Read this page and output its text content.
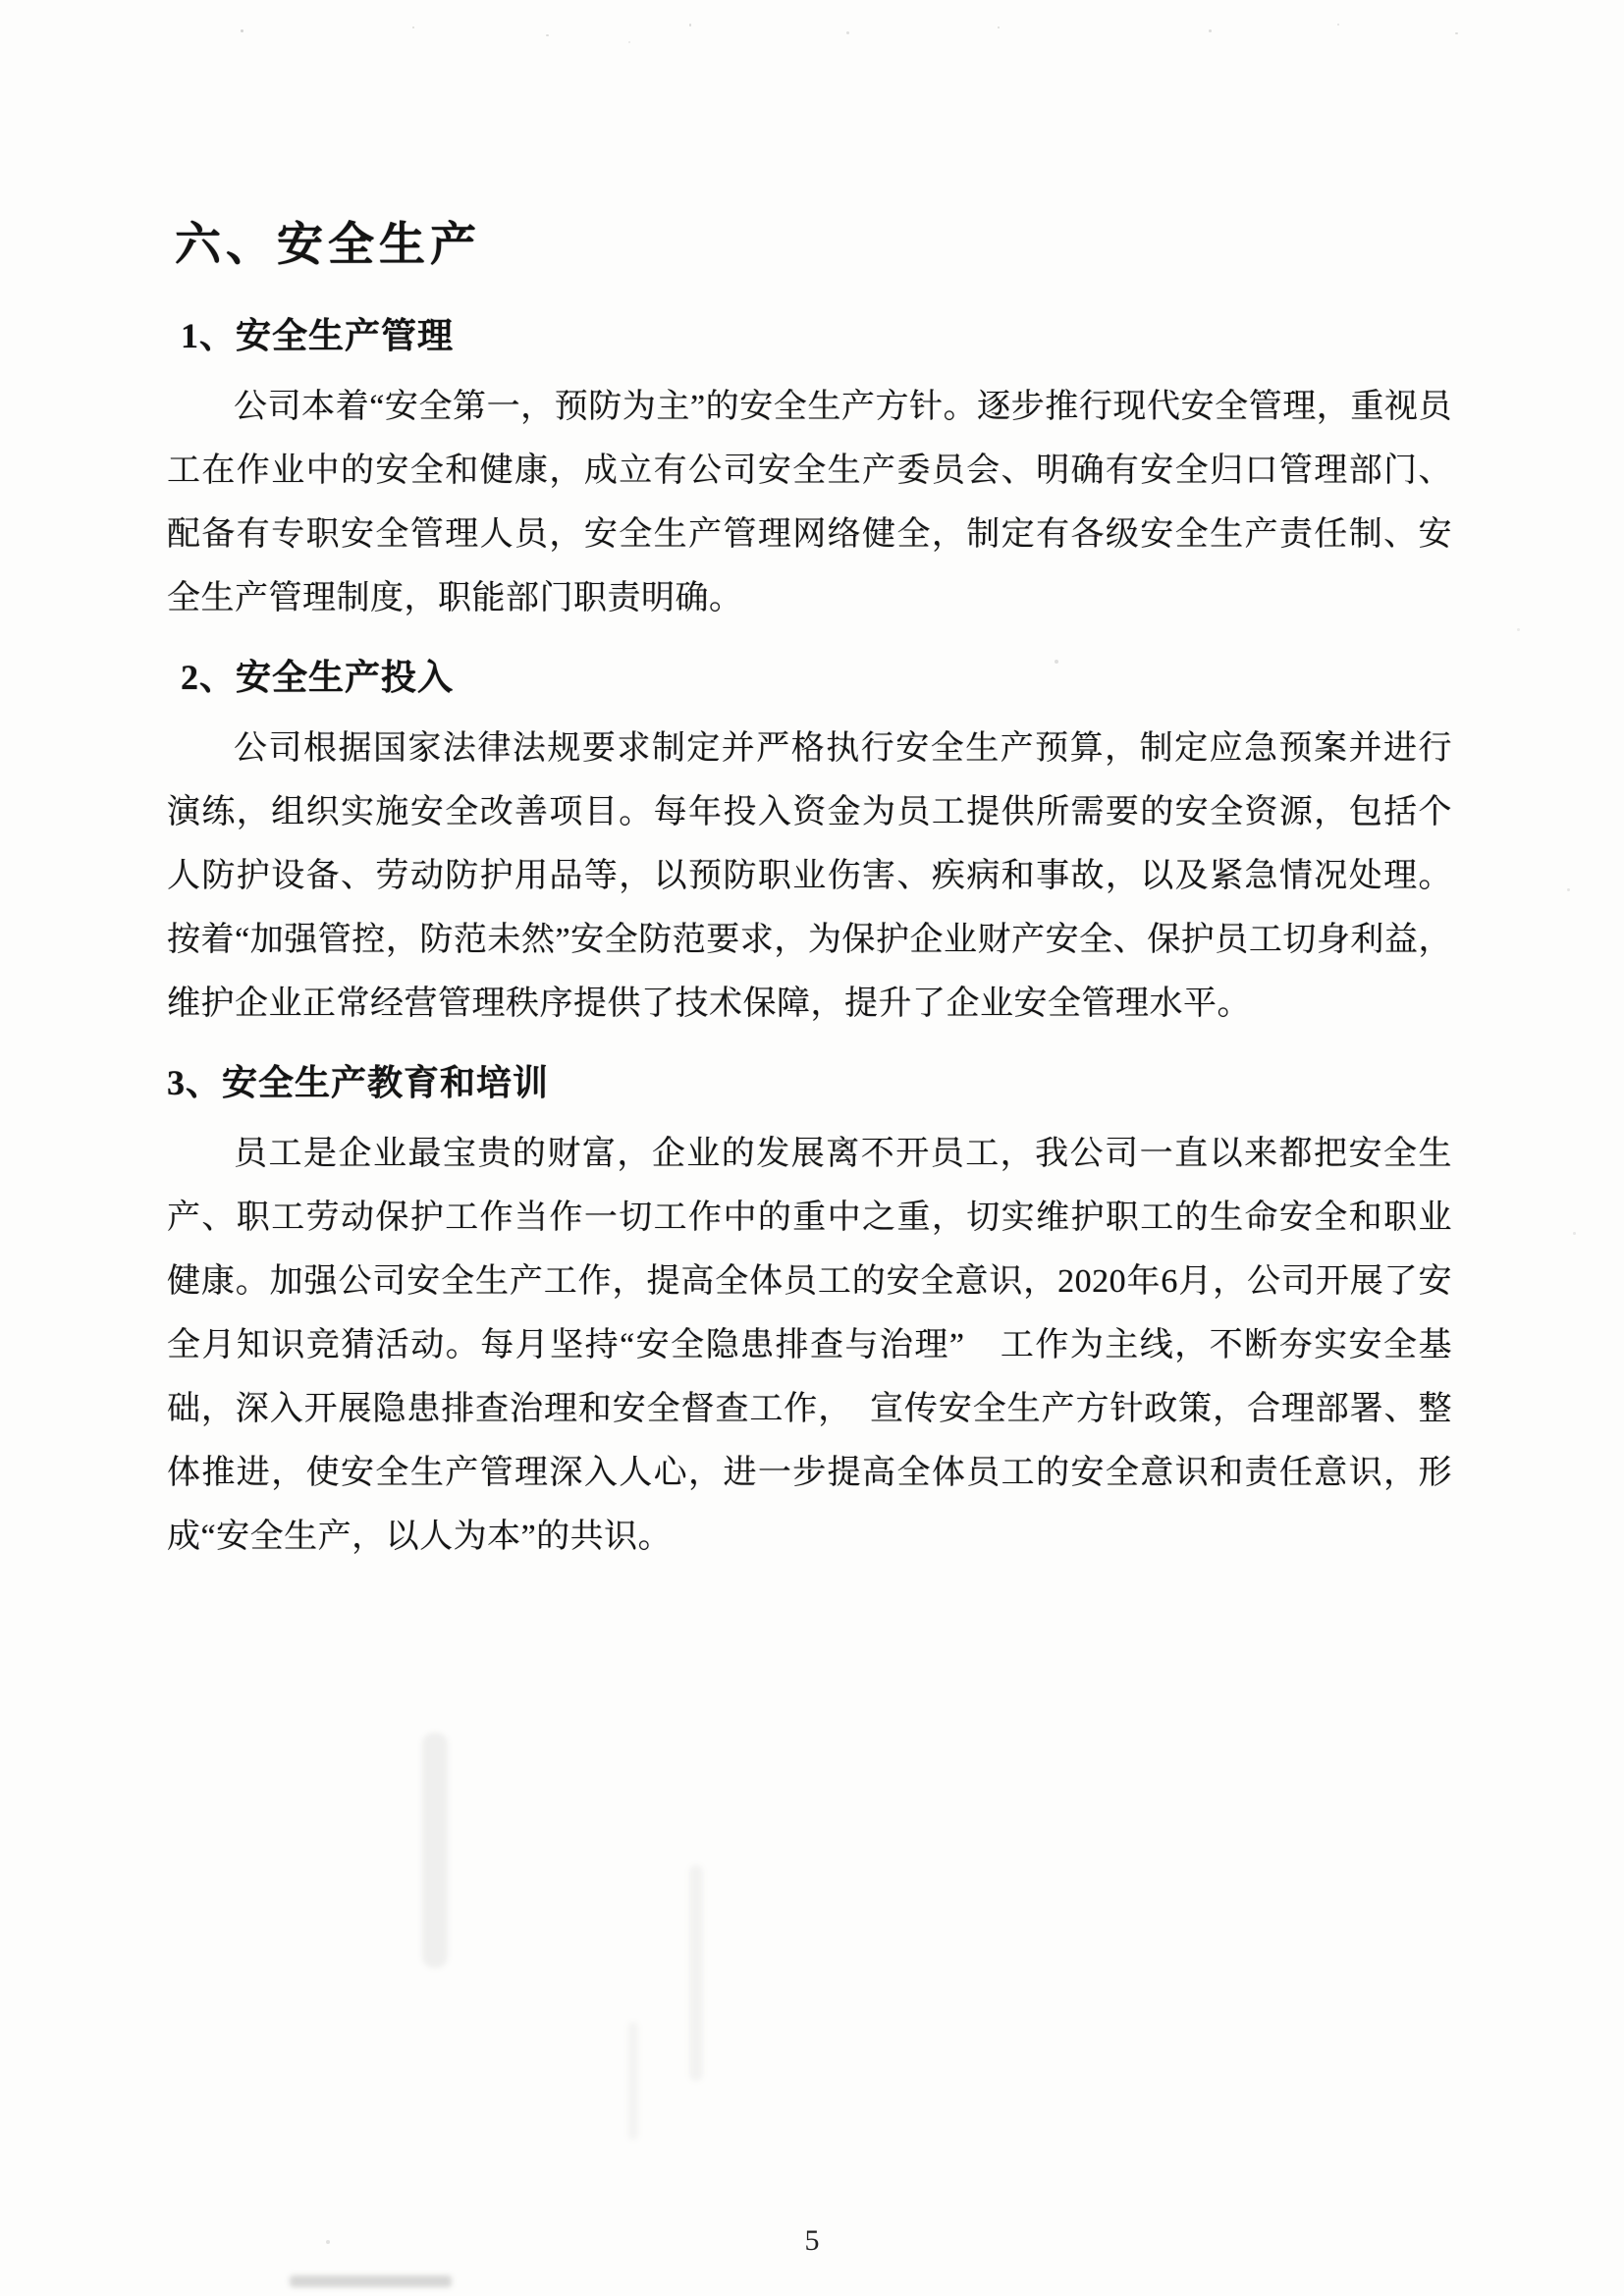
六、安全生产
1、安全生产管理

公司本着“安全第一，预防为主”的安全生产方针。逐步推行现代安全管理，重视员工在作业中的安全和健康，成立有公司安全生产委员会、明确有安全归口管理部门、配备有专职安全管理人员，安全生产管理网络健全，制定有各级安全生产责任制、安全生产管理制度，职能部门职责明确。

2、安全生产投入

公司根据国家法律法规要求制定并严格执行安全生产预算，制定应急预案并进行演练，组织实施安全改善项目。每年投入资金为员工提供所需要的安全资源，包括个人防护设备、劳动防护用品等，以预防职业伤害、疾病和事故，以及紧急情况处理。按着“加强管控，防范未然”安全防范要求，为保护企业财产安全、保护员工切身利益，维护企业正常经营管理秩序提供了技术保障，提升了企业安全管理水平。

3、安全生产教育和培训

员工是企业最宝贵的财富，企业的发展离不开员工，我公司一直以来都把安全生产、职工劳动保护工作当作一切工作中的重中之重，切实维护职工的生命安全和职业健康。加强公司安全生产工作，提高全体员工的安全意识，2020年6月，公司开展了安全月知识竞猜活动。每月坚持“安全隐患排查与治理”　工作为主线，不断夯实安全基础，深入开展隐患排查治理和安全督查工作，　宣传安全生产方针政策，合理部署、整体推进，使安全生产管理深入人心，进一步提高全体员工的安全意识和责任意识，形成“安全生产，以人为本”的共识。

5
